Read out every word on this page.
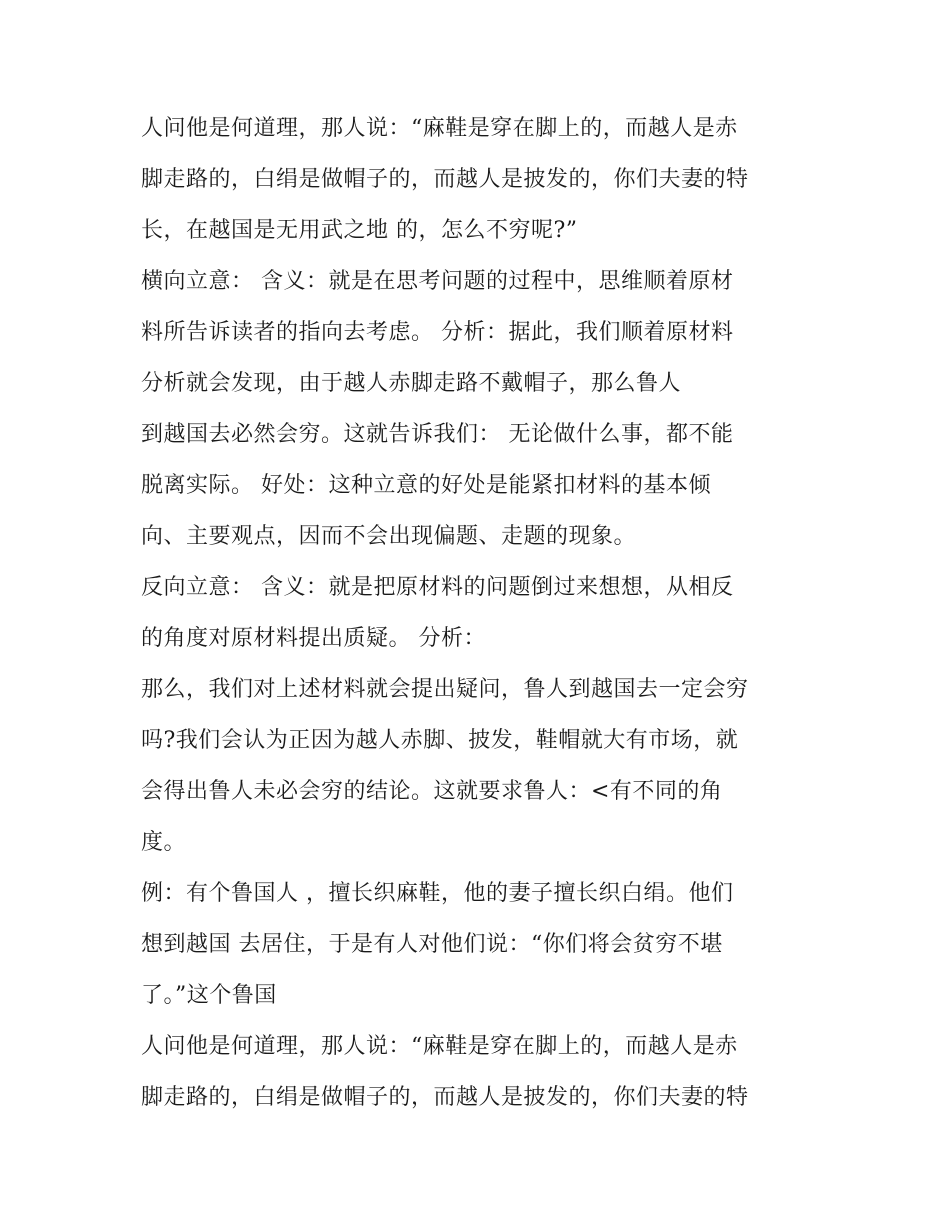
人问他是何道理，那人说：“麻鞋是穿在脚上的，而越人是赤
脚走路的，白绢是做帽子的，而越人是披发的，你们夫妻的特
长，在越国是无用武之地 的，怎么不穷呢?”
横向立意： 含义：就是在思考问题的过程中，思维顺着原材
料所告诉读者的指向去考虑。 分析：据此，我们顺着原材料
分析就会发现，由于越人赤脚走路不戴帽子，那么鲁人
到越国去必然会穷。这就告诉我们： 无论做什么事，都不能
脱离实际。 好处：这种立意的好处是能紧扣材料的基本倾
向、主要观点，因而不会出现偏题、走题的现象。
反向立意： 含义：就是把原材料的问题倒过来想想，从相反
的角度对原材料提出质疑。 分析：
那么，我们对上述材料就会提出疑问，鲁人到越国去一定会穷
吗?我们会认为正因为越人赤脚、披发，鞋帽就大有市场，就
会得出鲁人未必会穷的结论。这就要求鲁人：<有不同的角
度。
例：有个鲁国人 ，擅长织麻鞋，他的妻子擅长织白绢。他们
想到越国 去居住，于是有人对他们说：“你们将会贫穷不堪
了。”这个鲁国
人问他是何道理，那人说：“麻鞋是穿在脚上的，而越人是赤
脚走路的，白绢是做帽子的，而越人是披发的，你们夫妻的特
